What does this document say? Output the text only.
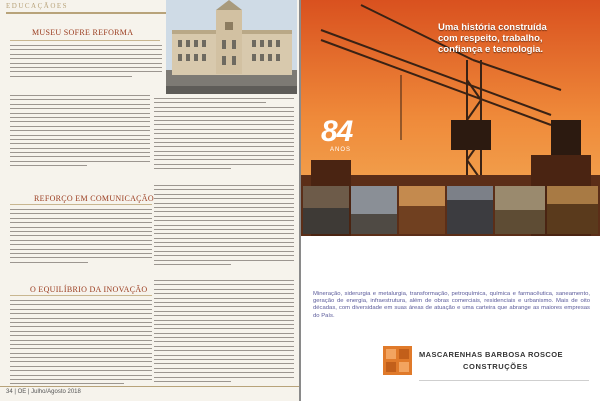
EDUCAÇÃOES
MUSEU SOFRE REFORMA
REFORÇO EM COMUNICAÇÃO
O EQUILÍBRIO DA INOVAÇÃO
34 | OE | Julho/Agosto 2018
Uma história construída
com respeito, trabalho,
confiança e tecnologia.
84
ANOS
Mineração, siderurgia e metalurgia, transformação, petroquímica, química e farmacêutica, saneamento, geração de energia, infraestrutura, além de obras comerciais, residenciais e urbanismo. Mais de oito décadas, com diversidade em suas áreas de atuação e uma carteira que abrange as maiores empresas do País.
MASCARENHAS BARBOSA ROSCOE
CONSTRUÇÕES
